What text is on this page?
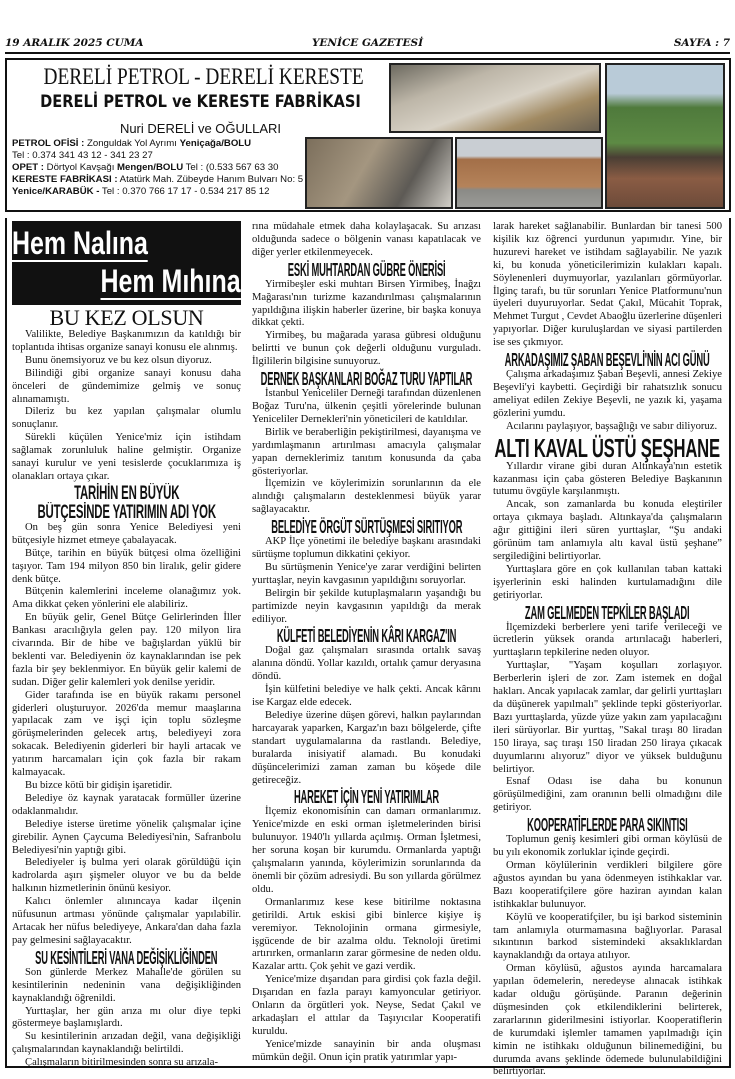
19 ARALIK 2025 CUMA	YENİCE GAZETESİ	SAYFA : 7
DERELİ PETROL - DERELİ KERESTE
DERELİ PETROL ve KERESTE FABRİKASI
Nuri DERELİ ve OĞULLARI
PETROL OFİSİ : Zonguldak Yol Ayrımı Yeniçağa/BOLU
Tel : 0.374 341 43 12 - 341 23 27
OPET : Dörtyol Kavşağı Mengen/BOLU Tel : (0.533 567 63 30
KERESTE FABRİKASI : Atatürk Mah. Zübeyde Hanım Bulvarı No: 5
Yenice/KARABÜK - Tel : 0.370 766 17 17 - 0.534 217 85 12
Hem Nalına
Hem Mıhına
BU KEZ OLSUN

Valilikte, Belediye Başkanımızın da katıldığı bir toplantıda ihtisas organize sanayi konusu ele alınmış.

Bunu önemsiyoruz ve bu kez olsun diyoruz.

Bilindiği gibi organize sanayi konusu daha önceleri de gündemimize gelmiş ve sonuç alınamamıştı.

Dileriz bu kez yapılan çalışmalar olumlu sonuçlanır.

Sürekli küçülen Yenice'miz için istihdam sağlamak zorunluluk haline gelmiştir. Organize sanayi kurulur ve yeni tesislerde çocuklarımıza iş olanakları ortaya çıkar.

TARİHİN EN BÜYÜK
BÜTÇESİNDE YATIRIMIN ADI YOK

On beş gün sonra Yenice Belediyesi yeni bütçesiyle hizmet etmeye çabalayacak.

Bütçe, tarihin en büyük bütçesi olma özelliğini taşıyor. Tam 194 milyon 850 bin liralık, gelir gidere denk bütçe.

Bütçenin kalemlerini inceleme olanağımız yok. Ama dikkat çeken yönlerini ele alabiliriz.

En büyük gelir, Genel Bütçe Gelirlerinden İller Bankası aracılığıyla gelen pay. 120 milyon lira civarında. Bir de hibe ve bağışlardan yüklü bir beklenti var. Belediyenin öz kaynaklarından ise pek fazla bir şey beklenmiyor. En büyük gelir kalemi de sudan. Diğer gelir kalemleri yok denilse yeridir.

Gider tarafında ise en büyük rakamı personel giderleri oluşturuyor. 2026'da memur maaşlarına yapılacak zam ve işçi için toplu sözleşme görüşmelerinden gelecek artış, belediyeyi zora sokacak. Belediyenin giderleri bir hayli artacak ve yatırım harcamaları için çok fazla bir rakam kalmayacak.

Bu bizce kötü bir gidişin işaretidir.

Belediye öz kaynak yaratacak formüller üzerine odaklanmalıdır.

Belediye isterse üretime yönelik çalışmalar içine girebilir. Aynen Çaycuma Belediyesi'nin, Safranbolu Belediyesi'nin yaptığı gibi.

Belediyeler iş bulma yeri olarak görüldüğü için kadrolarda aşırı şişmeler oluyor ve bu da belde halkının hizmetlerinin önünü kesiyor.

Kalıcı önlemler alınıncaya kadar ilçenin nüfusunun artması yönünde çalışmalar yapılabilir. Artacak her nüfus belediyeye, Ankara'dan daha fazla pay gelmesini sağlayacaktır.

SU KESİNTİLERİ VANA DEĞİŞİKLİĞİNDEN

Son günlerde Merkez Mahalle'de görülen su kesintilerinin nedeninin vana değişikliğinden kaynaklandığı öğrenildi.

Yurttaşlar, her gün arıza mı olur diye tepki göstermeye başlamışlardı.

Su kesintilerinin arızadan değil, vana değişikliği çalışmalarından kaynaklandığı belirtildi.

Çalışmaların bitirilmesinden sonra su arızala-

rına müdahale etmek daha kolaylaşacak. Su arızası olduğunda sadece o bölgenin vanası kapatılacak ve diğer yerler etkilenmeyecek.

ESKİ MUHTARDAN GÜBRE ÖNERİSİ

Yirmibeşler eski muhtarı Birsen Yirmibeş, İnağzı Mağarası'nın turizme kazandırılması çalışmalarının yapıldığına ilişkin haberler üzerine, bir başka konuya dikkat çekti.

Yirmibeş, bu mağarada yarasa gübresi olduğunu belirtti ve bunun çok değerli olduğunu vurguladı. İlgililerin bilgisine sunuyoruz.

DERNEK BAŞKANLARI BOĞAZ TURU YAPTILAR

İstanbul Yeniceliler Derneği tarafından düzenlenen Boğaz Turu'na, ülkenin çeşitli yörelerinde bulunan Yeniceliler Dernekleri'nin yöneticileri de katıldılar.

Birlik ve beraberliğin pekiştirilmesi, dayanışma ve yardımlaşmanın artırılması amacıyla çalışmalar yapan derneklerimiz tanıtım konusunda da çaba gösteriyorlar.

İlçemizin ve köylerimizin sorunlarının da ele alındığı çalışmaların desteklenmesi büyük yarar sağlayacaktır.

BELEDİYE ÖRGÜT SÜRTÜŞMESİ SIRITIYOR

AKP İlçe yönetimi ile belediye başkanı arasındaki sürtüşme toplumun dikkatini çekiyor.

Bu sürtüşmenin Yenice'ye zarar verdiğini belirten yurttaşlar, neyin kavgasının yapıldığını soruyorlar.

Belirgin bir şekilde kutuplaşmaların yaşandığı bu partimizde neyin kavgasının yapıldığı da merak ediliyor.

KÜLFETİ BELEDİYENİN KÂRI KARGAZ'IN

Doğal gaz çalışmaları sırasında ortalık savaş alanına döndü. Yollar kazıldı, ortalık çamur deryasına döndü.

İşin külfetini belediye ve halk çekti. Ancak kârını ise Kargaz elde edecek.

Belediye üzerine düşen görevi, halkın paylarından harcayarak yaparken, Kargaz'ın bazı bölgelerde, çifte standart uygulamalarına da rastlandı. Belediye, buralarda inisiyatif alamadı. Bu konudaki düşüncelerimizi zaman zaman bu köşede dile getireceğiz.

HAREKET İÇİN YENİ YATIRIMLAR

İlçemiz ekonomisinin can damarı ormanlarımız. Yenice'mizde en eski orman işletmelerinden birisi bulunuyor. 1940'lı yıllarda açılmış. Orman İşletmesi, her soruna koşan bir kurumdu. Ormanlarda yaptığı çalışmaların yanında, köylerimizin sorunlarında da önemli bir çözüm adresiydi. Bu son yıllarda görülmez oldu.

Ormanlarımız kese kese bitirilme noktasına getirildi. Artık eskisi gibi binlerce kişiye iş veremiyor. Teknolojinin ormana girmesiyle, işgücende de bir azalma oldu. Teknoloji üretimi artırırken, ormanların zarar görmesine de neden oldu. Kazalar arttı. Çok şehit ve gazi verdik.

Yenice'mize dışarıdan para girdisi çok fazla değil. Dışarıdan en fazla parayı kamyoncular getiriyor. Onların da örgütleri yok. Neyse, Sedat Çakıl ve arkadaşları el attılar da Taşıyıcılar Kooperatifi kuruldu.

Yenice'mizde sanayinin bir anda oluşması mümkün değil. Onun için pratik yatırımlar yapı-

larak hareket sağlanabilir. Bunlardan bir tanesi 500 kişilik kız öğrenci yurdunun yapımıdır. Yine, bir huzurevi hareket ve istihdam sağlayabilir. Ne yazık ki, bu konuda yöneticilerimizin kulakları kapalı. Söylenenleri duymuyorlar, yazılanları görmüyorlar. İlginç tarafı, bu tür sorunları Yenice Platformunu'nun üyeleri duyuruyorlar. Sedat Çakıl, Mücahit Toprak, Mehmet Turgut , Cevdet Abaoğlu üzerlerine düşenleri yapıyorlar. Diğer kuruluşlardan ve siyasi partilerden ise ses çıkmıyor.

ARKADAŞIMIZ ŞABAN BEŞEVLİ'NİN ACI GÜNÜ

Çalışma arkadaşımız Şaban Beşevli, annesi Zekiye Beşevli'yi kaybetti. Geçirdiği bir rahatsızlık sonucu ameliyat edilen Zekiye Beşevli, ne yazık ki, yaşama gözlerini yumdu.

Acılarını paylaşıyor, başsağlığı ve sabır diliyoruz.

ALTI KAVAL ÜSTÜ ŞEŞHANE

Yıllardır virane gibi duran Altınkaya'nın estetik kazanması için çaba gösteren Belediye Başkanının tutumu övgüyle karşılanmıştı.

Ancak, son zamanlarda bu konuda eleştiriler ortaya çıkmaya başladı. Altınkaya'da çalışmaların ağır gittiğini ileri süren yurttaşlar, “Şu andaki görünüm tam anlamıyla altı kaval üstü şeşhane” sergilediğini belirtiyorlar.

Yurttaşlara göre en çok kullanılan taban kattaki işyerlerinin eski halinden kurtulamadığını dile getiriyorlar.

ZAM GELMEDEN TEPKİLER BAŞLADI

İlçemizdeki berberlere yeni tarife verileceği ve ücretlerin yüksek oranda artırılacağı haberleri, yurttaşların tepkilerine neden oluyor.

Yurttaşlar, "Yaşam koşulları zorlaşıyor. Berberlerin işleri de zor. Zam istemek en doğal hakları. Ancak yapılacak zamlar, dar gelirli yurttaşları da düşünerek yapılmalı" şeklinde tepki gösteriyorlar. Bazı yurttaşlarda, yüzde yüze yakın zam yapılacağını ileri sürüyorlar. Bir yurttaş, "Sakal tıraşı 80 liradan 150 liraya, saç tıraşı 150 liradan 250 liraya çıkacak duyumlarını alıyoruz" diyor ve yüksek bulduğunu belirtiyor.

Esnaf Odası ise daha bu konunun görüşülmediğini, zam oranının belli olmadığını dile getiriyor.

KOOPERATİFLERDE PARA SIKINTISI

Toplumun geniş kesimleri gibi orman köylüsü de bu yılı ekonomik zorluklar içinde geçirdi.

Orman köylülerinin verdikleri bilgilere göre ağustos ayından bu yana ödenmeyen istihkaklar var. Bazı kooperatifçilere göre haziran ayından kalan istihkaklar bulunuyor.

Köylü ve kooperatifçiler, bu işi barkod sisteminin tam anlamıyla oturmamasına bağlıyorlar. Parasal sıkıntının barkod sistemindeki aksaklıklardan kaynaklandığı da ortaya atılıyor.

Orman köylüsü, ağustos ayında harcamalara yapılan ödemelerin, neredeyse alınacak istihkak kadar olduğu görüşünde. Paranın değerinin düşmesinden çok etkilendiklerini belirterek, zararlarının giderilmesini istiyorlar. Kooperatiflerin de kurumdaki işlemler tamamen yapılmadığı için kimin ne istihkakı olduğunun bilinemediğini, bu durumda avans şeklinde ödemede bulunulabildiğini belirtiyorlar.
